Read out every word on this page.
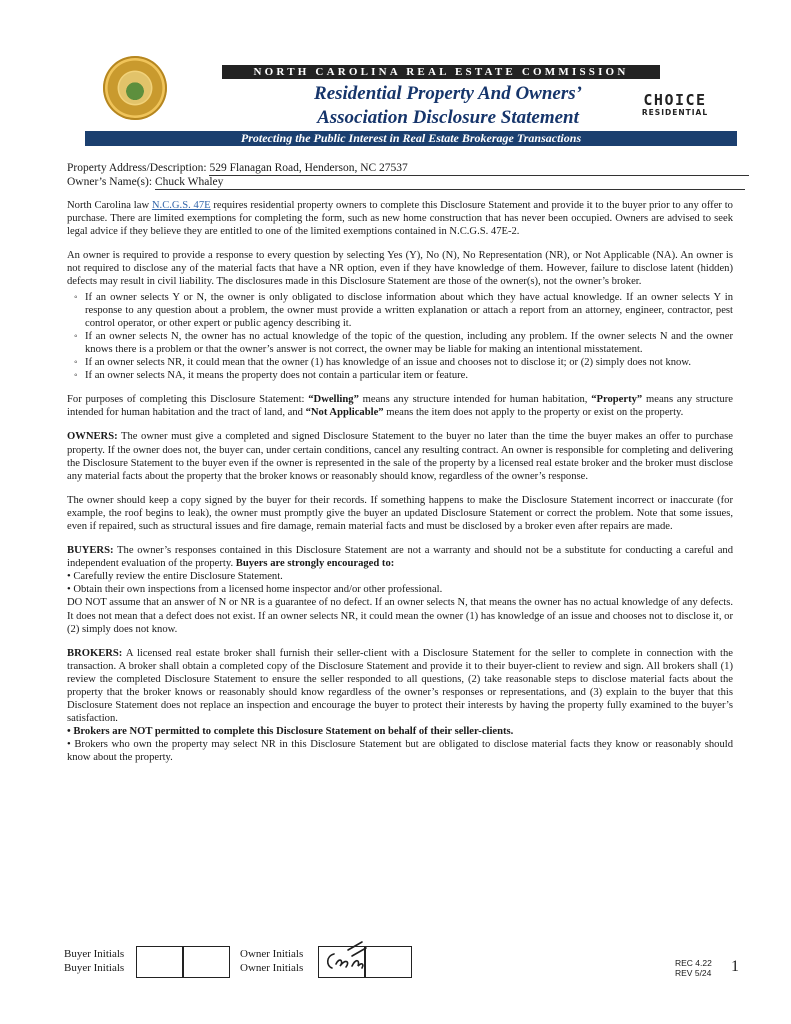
NORTH CAROLINA REAL ESTATE COMMISSION
Residential Property And Owners’
Association Disclosure Statement
CHOICE
RESIDENTIAL
Protecting the Public Interest in Real Estate Brokerage Transactions
Property Address/Description: 529 Flanagan Road, Henderson, NC 27537
Owner’s Name(s): Chuck Whaley

North Carolina law N.C.G.S. 47E requires residential property owners to complete this Disclosure Statement and provide it to the buyer prior to any offer to purchase. There are limited exemptions for completing the form, such as new home construction that has never been occupied. Owners are advised to seek legal advice if they believe they are entitled to one of the limited exemptions contained in N.C.G.S. 47E-2.

An owner is required to provide a response to every question by selecting Yes (Y), No (N), No Representation (NR), or Not Applicable (NA). An owner is not required to disclose any of the material facts that have a NR option, even if they have knowledge of them. However, failure to disclose latent (hidden) defects may result in civil liability. The disclosures made in this Disclosure Statement are those of the owner(s), not the owner’s broker.

◦ If an owner selects Y or N, the owner is only obligated to disclose information about which they have actual knowledge. If an owner selects Y in response to any question about a problem, the owner must provide a written explanation or attach a report from an attorney, engineer, contractor, pest control operator, or other expert or public agency describing it.
◦ If an owner selects N, the owner has no actual knowledge of the topic of the question, including any problem. If the owner selects N and the owner knows there is a problem or that the owner’s answer is not correct, the owner may be liable for making an intentional misstatement.
◦ If an owner selects NR, it could mean that the owner (1) has knowledge of an issue and chooses not to disclose it; or (2) simply does not know.
◦ If an owner selects NA, it means the property does not contain a particular item or feature.

For purposes of completing this Disclosure Statement: “Dwelling” means any structure intended for human habitation, “Property” means any structure intended for human habitation and the tract of land, and “Not Applicable” means the item does not apply to the property or exist on the property.

OWNERS: The owner must give a completed and signed Disclosure Statement to the buyer no later than the time the buyer makes an offer to purchase property. If the owner does not, the buyer can, under certain conditions, cancel any resulting contract. An owner is responsible for completing and delivering the Disclosure Statement to the buyer even if the owner is represented in the sale of the property by a licensed real estate broker and the broker must disclose any material facts about the property that the broker knows or reasonably should know, regardless of the owner’s response.

The owner should keep a copy signed by the buyer for their records. If something happens to make the Disclosure Statement incorrect or inaccurate (for example, the roof begins to leak), the owner must promptly give the buyer an updated Disclosure Statement or correct the problem. Note that some issues, even if repaired, such as structural issues and fire damage, remain material facts and must be disclosed by a broker even after repairs are made.

BUYERS: The owner’s responses contained in this Disclosure Statement are not a warranty and should not be a substitute for conducting a careful and independent evaluation of the property. Buyers are strongly encouraged to:
• Carefully review the entire Disclosure Statement.
• Obtain their own inspections from a licensed home inspector and/or other professional.
DO NOT assume that an answer of N or NR is a guarantee of no defect. If an owner selects N, that means the owner has no actual knowledge of any defects. It does not mean that a defect does not exist. If an owner selects NR, it could mean the owner (1) has knowledge of an issue and chooses not to disclose it, or (2) simply does not know.
BROKERS: A licensed real estate broker shall furnish their seller-client with a Disclosure Statement for the seller to complete in connection with the transaction. A broker shall obtain a completed copy of the Disclosure Statement and provide it to their buyer-client to review and sign. All brokers shall (1) review the completed Disclosure Statement to ensure the seller responded to all questions, (2) take reasonable steps to disclose material facts about the property that the broker knows or reasonably should know regardless of the owner’s responses or representations, and (3) explain to the buyer that this Disclosure Statement does not replace an inspection and encourage the buyer to protect their interests by having the property fully examined to the buyer’s satisfaction.
• Brokers are NOT permitted to complete this Disclosure Statement on behalf of their seller-clients.
• Brokers who own the property may select NR in this Disclosure Statement but are obligated to disclose material facts they know or reasonably should know about the property.
Buyer Initials
Buyer Initials
Owner Initials
Owner Initials	REC 4.22
REV 5/24 1
